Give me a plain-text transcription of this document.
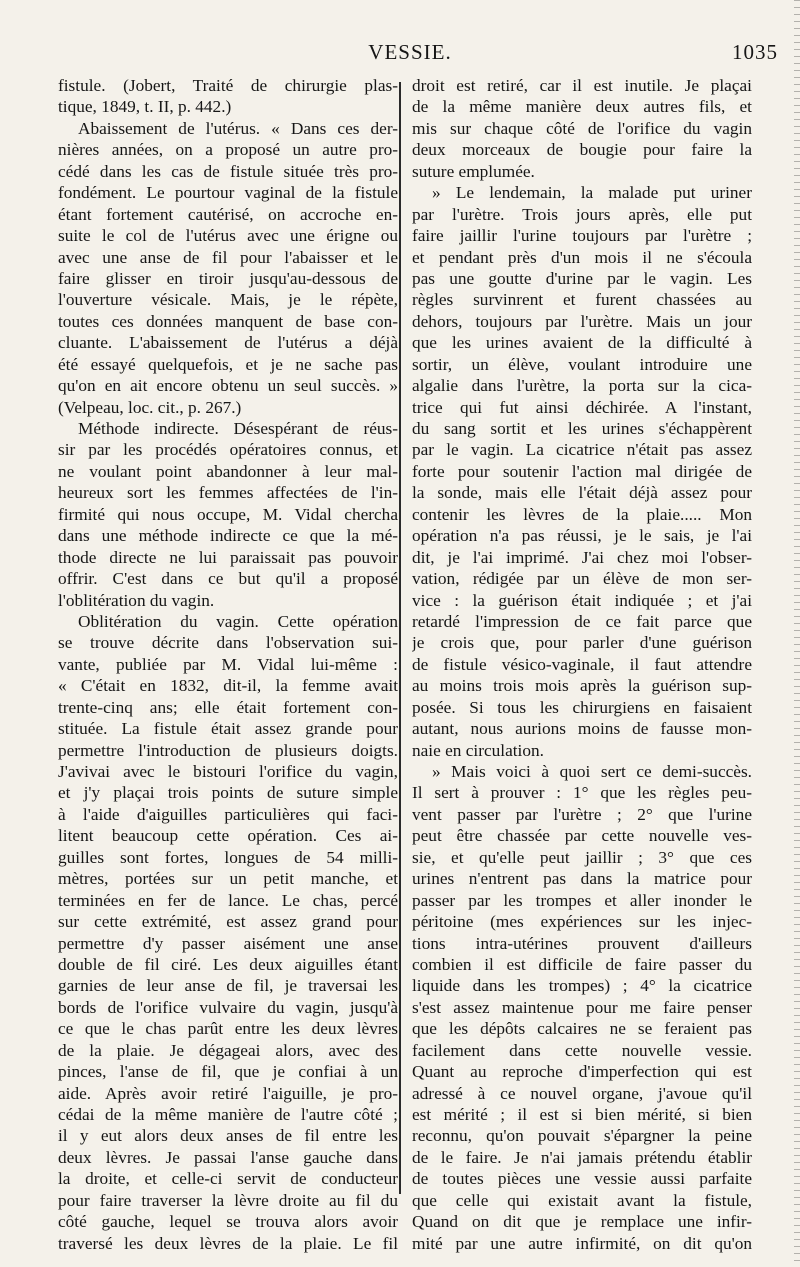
VESSIE.	1035
fistule. (Jobert, Traité de chirurgie plas-
tique, 1849, t. II, p. 442.)
Abaissement de l'utérus. « Dans ces der-
nières années, on a proposé un autre pro-
cédé dans les cas de fistule située très pro-
fondément. Le pourtour vaginal de la fistule
étant fortement cautérisé, on accroche en-
suite le col de l'utérus avec une érigne ou
avec une anse de fil pour l'abaisser et le
faire glisser en tiroir jusqu'au-dessous de
l'ouverture vésicale. Mais, je le répète,
toutes ces données manquent de base con-
cluante. L'abaissement de l'utérus a déjà
été essayé quelquefois, et je ne sache pas
qu'on en ait encore obtenu un seul succès. »
(Velpeau, loc. cit., p. 267.)
Méthode indirecte. Désespérant de réus-
sir par les procédés opératoires connus, et
ne voulant point abandonner à leur mal-
heureux sort les femmes affectées de l'in-
firmité qui nous occupe, M. Vidal chercha
dans une méthode indirecte ce que la mé-
thode directe ne lui paraissait pas pouvoir
offrir. C'est dans ce but qu'il a proposé
l'oblitération du vagin.
Oblitération du vagin. Cette opération
se trouve décrite dans l'observation sui-
vante, publiée par M. Vidal lui-même :
« C'était en 1832, dit-il, la femme avait
trente-cinq ans; elle était fortement con-
stituée. La fistule était assez grande pour
permettre l'introduction de plusieurs doigts.
J'avivai avec le bistouri l'orifice du vagin,
et j'y plaçai trois points de suture simple
à l'aide d'aiguilles particulières qui faci-
litent beaucoup cette opération. Ces ai-
guilles sont fortes, longues de 54 milli-
mètres, portées sur un petit manche, et
terminées en fer de lance. Le chas, percé
sur cette extrémité, est assez grand pour
permettre d'y passer aisément une anse
double de fil ciré. Les deux aiguilles étant
garnies de leur anse de fil, je traversai les
bords de l'orifice vulvaire du vagin, jusqu'à
ce que le chas parût entre les deux lèvres
de la plaie. Je dégageai alors, avec des
pinces, l'anse de fil, que je confiai à un
aide. Après avoir retiré l'aiguille, je pro-
cédai de la même manière de l'autre côté ;
il y eut alors deux anses de fil entre les
deux lèvres. Je passai l'anse gauche dans
la droite, et celle-ci servit de conducteur
pour faire traverser la lèvre droite au fil du
côté gauche, lequel se trouva alors avoir
traversé les deux lèvres de la plaie. Le fil
droit est retiré, car il est inutile. Je plaçai
de la même manière deux autres fils, et
mis sur chaque côté de l'orifice du vagin
deux morceaux de bougie pour faire la
suture emplumée.
» Le lendemain, la malade put uriner
par l'urètre. Trois jours après, elle put
faire jaillir l'urine toujours par l'urètre ;
et pendant près d'un mois il ne s'écoula
pas une goutte d'urine par le vagin. Les
règles survinrent et furent chassées au
dehors, toujours par l'urètre. Mais un jour
que les urines avaient de la difficulté à
sortir, un élève, voulant introduire une
algalie dans l'urètre, la porta sur la cica-
trice qui fut ainsi déchirée. A l'instant,
du sang sortit et les urines s'échappèrent
par le vagin. La cicatrice n'était pas assez
forte pour soutenir l'action mal dirigée de
la sonde, mais elle l'était déjà assez pour
contenir les lèvres de la plaie..... Mon
opération n'a pas réussi, je le sais, je l'ai
dit, je l'ai imprimé. J'ai chez moi l'obser-
vation, rédigée par un élève de mon ser-
vice : la guérison était indiquée ; et j'ai
retardé l'impression de ce fait parce que
je crois que, pour parler d'une guérison
de fistule vésico-vaginale, il faut attendre
au moins trois mois après la guérison sup-
posée. Si tous les chirurgiens en faisaient
autant, nous aurions moins de fausse mon-
naie en circulation.
» Mais voici à quoi sert ce demi-succès.
Il sert à prouver : 1° que les règles peu-
vent passer par l'urètre ; 2° que l'urine
peut être chassée par cette nouvelle ves-
sie, et qu'elle peut jaillir ; 3° que ces
urines n'entrent pas dans la matrice pour
passer par les trompes et aller inonder le
péritoine (mes expériences sur les injec-
tions intra-utérines prouvent d'ailleurs
combien il est difficile de faire passer du
liquide dans les trompes) ; 4° la cicatrice
s'est assez maintenue pour me faire penser
que les dépôts calcaires ne se feraient pas
facilement dans cette nouvelle vessie.
Quant au reproche d'imperfection qui est
adressé à ce nouvel organe, j'avoue qu'il
est mérité ; il est si bien mérité, si bien
reconnu, qu'on pouvait s'épargner la peine
de le faire. Je n'ai jamais prétendu établir
de toutes pièces une vessie aussi parfaite
que celle qui existait avant la fistule,
Quand on dit que je remplace une infir-
mité par une autre infirmité, on dit qu'on
